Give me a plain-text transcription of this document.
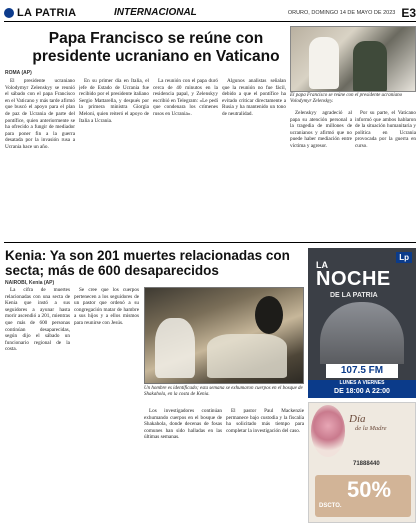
LA PATRIA	INTERNACIONAL	ORURO, DOMINGO 14 DE MAYO DE 2023 E3
Papa Francisco se reúne con presidente ucraniano en Vaticano
ROMA (AP)
El papa Francisco se reúne con el presidente ucraniano Volodymyr Zelenskyy.

El presidente ucraniano Volodymyr Zelenskyy se reunió el sábado con el papa Francisco en el Vaticano y más tarde afirmó que buscó el apoyo para el plan de paz de Ucrania de parte del pontífice, quien anteriormente se ha ofrecido a fungir de mediador para poner fin a la guerra desatada por la invasión rusa a Ucrania hace un año.

En su primer día en Italia, el jefe de Estado de Ucrania fue recibido por el presidente italiano Sergio Mattarella, y después por la primera ministra Giorgia Meloni, quien reiteró el apoyo de Italia a Ucrania.

La reunión con el papa duró cerca de 40 minutos en la residencia papal, y Zelenskyy escribió en Telegram: «Le pedí que condenara los crímenes rusos en Ucrania».

Algunos analistas señalan que la reunión no fue fácil, debido a que el pontífice ha evitado criticar directamente a Rusia y ha mantenido un tono de neutralidad.	Zelenskyy agradeció al papa su atención personal a la tragedia de millones de ucranianos y afirmó que no puede haber mediación entre víctima y agresor.

Por su parte, el Vaticano informó que ambos hablaron de la situación humanitaria y política en Ucrania provocada por la guerra en curso.

Kenia: Ya son 201 muertes relacionadas con secta; más de 600 desaparecidos
NAIROBI, Kenia (AP)

La cifra de muertes relacionadas con una secta de Kenia que instó a sus seguidores a ayunar hasta morir ascendió a 201, mientras que más de 600 personas continúan desaparecidas, según dijo el sábado un funcionario regional de la costa.

Se cree que los cuerpos pertenecen a los seguidores de un pastor que ordenó a su congregación matar de hambre a sus hijos y a ellos mismos para reunirse con Jesús.

Un hombre es identificado; esta semana se exhumaron cuerpos en el bosque de Shakahola, en la costa de Kenia.

Los investigadores continúan exhumando cuerpos en el bosque de Shakahola, donde decenas de fosas comunes han sido halladas en las últimas semanas.

El pastor Paul Mackenzie permanece bajo custodia y la fiscalía ha solicitado más tiempo para completar la investigación del caso.

Lp
LA
NOCHE
DE LA PATRIA
107.5 FM
LUNES A VIERNES
DE 18:00 A 22:00
Día
de la Madre
71888440
50%
DSCTO.
